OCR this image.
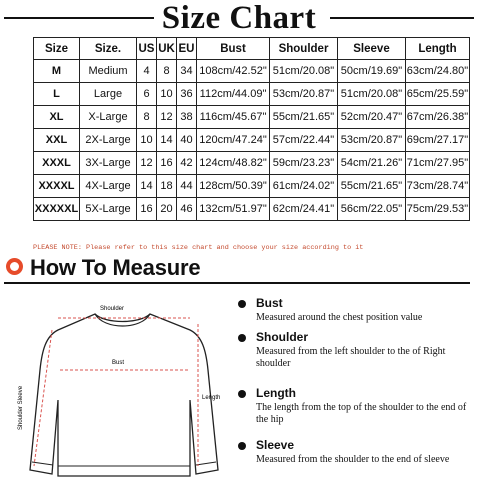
Size Chart
Size	Size.	US	UK	EU	Bust	Shoulder	Sleeve	Length
M	Medium	4	8	34	108cm/42.52"	51cm/20.08"	50cm/19.69"	63cm/24.80"
L	Large	6	10	36	112cm/44.09"	53cm/20.87"	51cm/20.08"	65cm/25.59"
XL	X-Large	8	12	38	116cm/45.67"	55cm/21.65"	52cm/20.47"	67cm/26.38"
XXL	2X-Large	10	14	40	120cm/47.24"	57cm/22.44"	53cm/20.87"	69cm/27.17"
XXXL	3X-Large	12	16	42	124cm/48.82"	59cm/23.23"	54cm/21.26"	71cm/27.95"
XXXXL	4X-Large	14	18	44	128cm/50.39"	61cm/24.02"	55cm/21.65"	73cm/28.74"
XXXXXL	5X-Large	16	20	46	132cm/51.97"	62cm/24.41"	56cm/22.05"	75cm/29.53"
PLEASE NOTE: Please refer to this size chart and choose your size according to it
How To Measure
Shoulder
Bust
Length
Shoulder Sleeve
Bust
Measured around the chest position value
Shoulder
Measured from the left shoulder to the of Right shoulder
Length
The length from the top of the shoulder to the end of the hip
Sleeve
Measured from the shoulder to the end of sleeve
